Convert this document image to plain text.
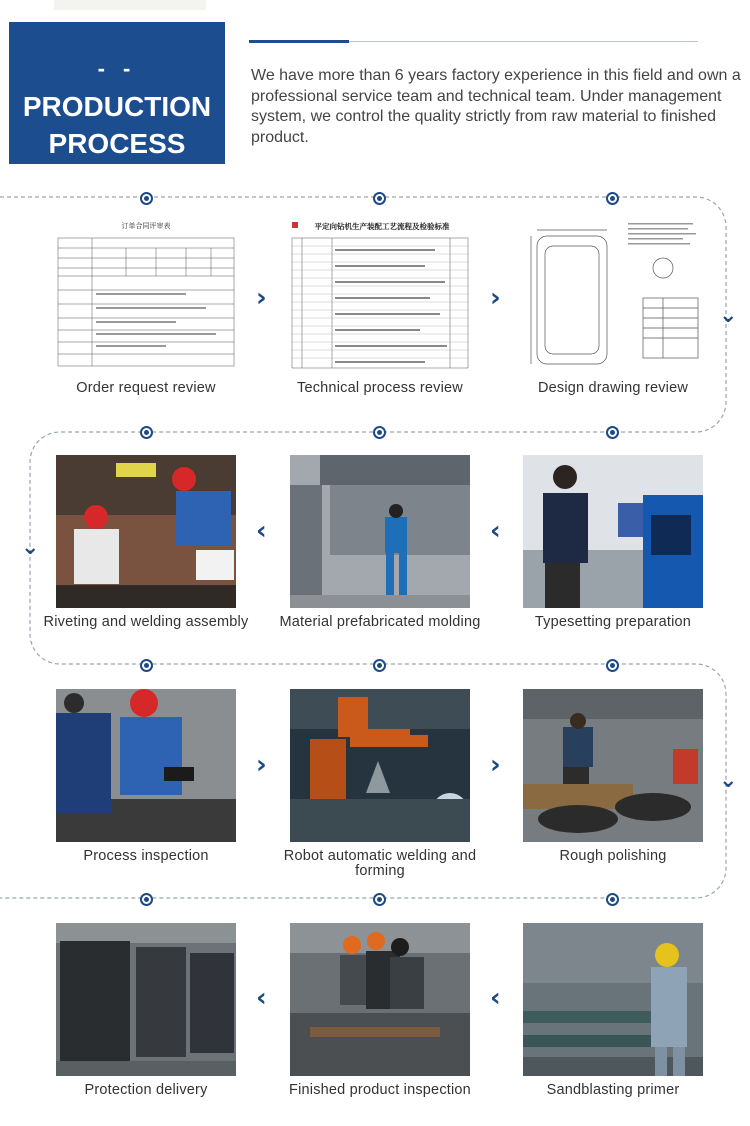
- -
PRODUCTION
PROCESS
We have more than 6 years factory experience in this field and own a professional service team and technical team. Under management system, we control the quality strictly from raw material to finished product.
›	›
⌄
‹	‹
⌄
›	›
⌄
‹	‹
订单合同评审表
Order request review
平定向钻机生产装配工艺流程及检验标准
Technical process review	Design drawing review
Riveting and welding assembly	Material prefabricated molding	Typesetting preparation
Process inspection	Robot automatic welding and forming
Rough polishing
Protection delivery	Finished product inspection	Sandblasting primer
